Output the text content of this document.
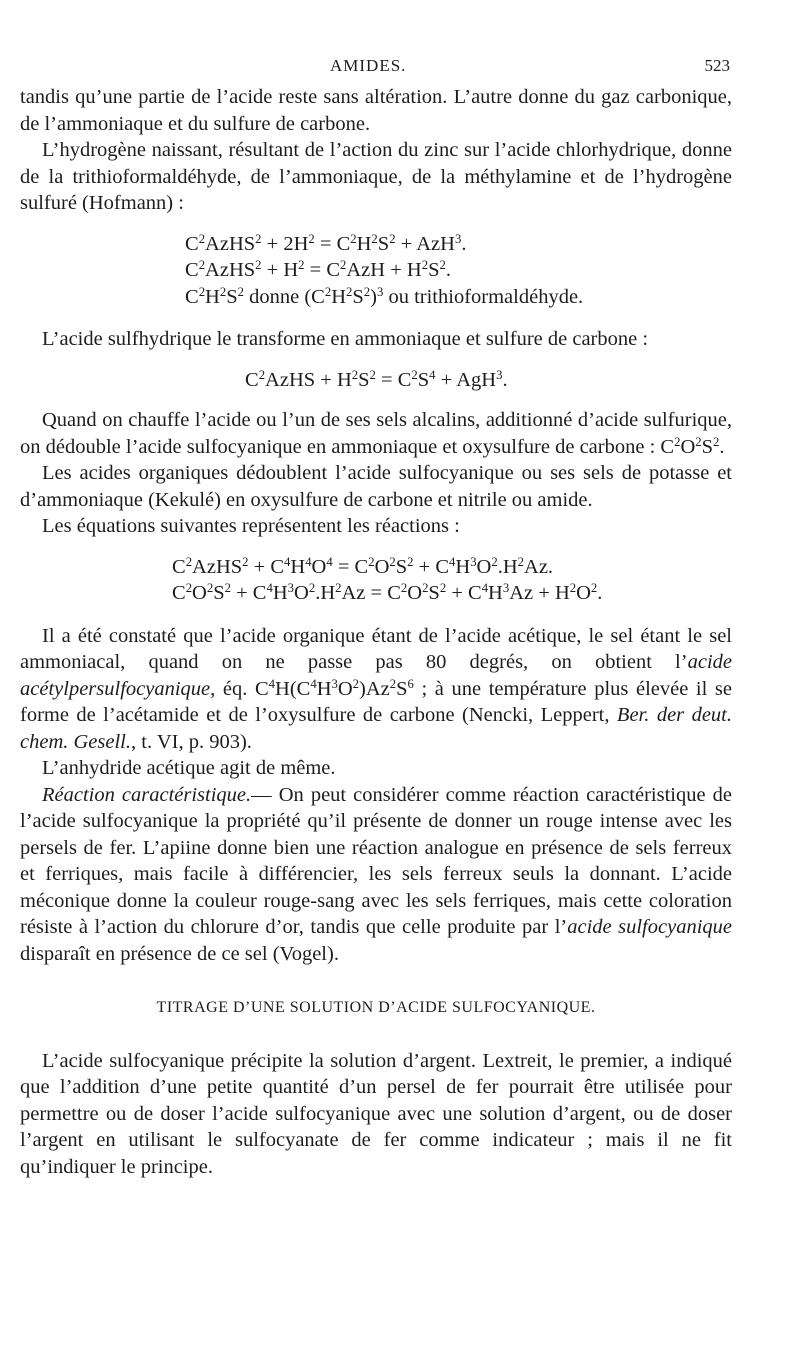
AMIDES.	523

tandis qu’une partie de l’acide reste sans altération. L’autre donne du gaz carbonique, de l’ammoniaque et du sulfure de carbone.

L’hydrogène naissant, résultant de l’action du zinc sur l’acide chlorhydrique, donne de la trithioformaldéhyde, de l’ammoniaque, de la méthylamine et de l’hydrogène sulfuré (Hofmann) :

$C^2AzHS^2 + 2H^2 = C^2H^2S^2 + AzH^3$.
$C^2AzHS^2 + H^2 = C^2AzH + H^2S^2$.
$C^2H^2S^2$ donne $(C^2H^2S^2)^3$ ou trithioformaldéhyde.

L’acide sulfhydrique le transforme en ammoniaque et sulfure de carbone :

$C^2AzHS + H^2S^2 = C^2S^4 + AgH^3$.

Quand on chauffe l’acide ou l’un de ses sels alcalins, additionné d’acide sulfurique, on dédouble l’acide sulfocyanique en ammoniaque et oxysulfure de carbone : $C^2O^2S^2$.

Les acides organiques dédoublent l’acide sulfocyanique ou ses sels de potasse et d’ammoniaque (Kekulé) en oxysulfure de carbone et nitrile ou amide.

Les équations suivantes représentent les réactions :

$C^2AzHS^2 + C^4H^4O^4 = C^2O^2S^2 + C^4H^3O^2.H^2Az$.
$C^2O^2S^2 + C^4H^3O^2.H^2Az = C^2O^2S^2 + C^4H^3Az + H^2O^2$.

Il a été constaté que l’acide organique étant de l’acide acétique, le sel étant le sel ammoniacal, quand on ne passe pas 80 degrés, on obtient l’acide acétylpersulfocyanique, éq. $C^4H(C^4H^3O^2)Az^2S^6$ ; à une température plus élevée il se forme de l’acétamide et de l’oxysulfure de carbone (Nencki, Leppert, Ber. der deut. chem. Gesell., t. VI, p. 903).

L’anhydride acétique agit de même.

Réaction caractéristique.— On peut considérer comme réaction caractéristique de l’acide sulfocyanique la propriété qu’il présente de donner un rouge intense avec les persels de fer. L’apiine donne bien une réaction analogue en présence de sels ferreux et ferriques, mais facile à différencier, les sels ferreux seuls la donnant. L’acide méconique donne la couleur rouge-sang avec les sels ferriques, mais cette coloration résiste à l’action du chlorure d’or, tandis que celle produite par l’acide sulfocyanique disparaît en présence de ce sel (Vogel).

TITRAGE D’UNE SOLUTION D’ACIDE SULFOCYANIQUE.

L’acide sulfocyanique précipite la solution d’argent. Lextreit, le premier, a indiqué que l’addition d’une petite quantité d’un persel de fer pourrait être utilisée pour permettre ou de doser l’acide sulfocyanique avec une solution d’argent, ou de doser l’argent en utilisant le sulfocyanate de fer comme indicateur ; mais il ne fit qu’indiquer le principe.
